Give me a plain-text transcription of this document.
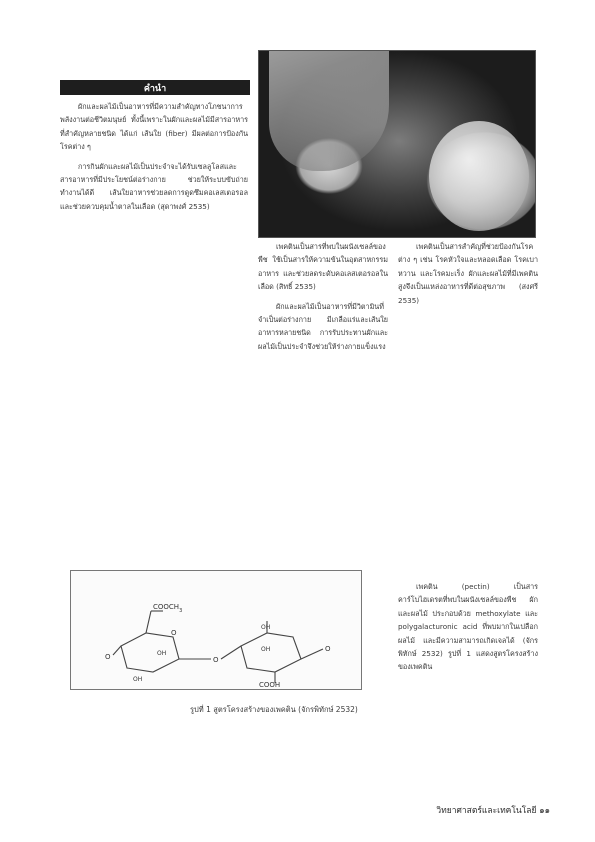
คำนำ

ผักและผลไม้เป็นอาหารที่มีความสำคัญทางโภชนาการพลังงานต่อชีวิตมนุษย์ ทั้งนี้เพราะในผักและผลไม้มีสารอาหารที่สำคัญหลายชนิด ได้แก่ เส้นใย (fiber) มีผลต่อการป้องกันโรคต่าง ๆ

การกินผักและผลไม้เป็นประจำจะได้รับเซลลูโลสและสารอาหารที่มีประโยชน์ต่อร่างกาย ช่วยให้ระบบขับถ่ายทำงานได้ดี เส้นใยอาหารช่วยลดการดูดซึมคอเลสเตอรอล และช่วยควบคุมน้ำตาลในเลือด (สุดาพงศ์ 2535)

เพคตินเป็นสารที่พบในผนังเซลล์ของพืช ใช้เป็นสารให้ความข้นในอุตสาหกรรมอาหาร และช่วยลดระดับคอเลสเตอรอลในเลือด (สิทธิ์ 2535)

ผักและผลไม้เป็นอาหารที่มีวิตามินที่จำเป็นต่อร่างกาย มีเกลือแร่และเส้นใยอาหารหลายชนิด การรับประทานผักและผลไม้เป็นประจำจึงช่วยให้ร่างกายแข็งแรง

เพคตินเป็นสารสำคัญที่ช่วยป้องกันโรคต่าง ๆ เช่น โรคหัวใจและหลอดเลือด โรคเบาหวาน และโรคมะเร็ง ผักและผลไม้ที่มีเพคตินสูงจึงเป็นแหล่งอาหารที่ดีต่อสุขภาพ (สงศรี 2535)

เพคติน (pectin) เป็นสารคาร์โบไฮเดรตที่พบในผนังเซลล์ของพืช ผักและผลไม้ ประกอบด้วย methoxylate และ polygalacturonic acid ที่พบมากในเปลือกผลไม้ และมีความสามารถเกิดเจลได้ (จักรพิทักษ์ 2532) รูปที่ 1 แสดงสูตรโครงสร้างของเพคติน

$COOCH_3$
COOH
OH
OH
OH
OH
O	O
O
O
รูปที่ 1 สูตรโครงสร้างของเพคติน (จักรพิทักษ์ 2532)
วิทยาศาสตร์และเทคโนโลยี ๑๑
